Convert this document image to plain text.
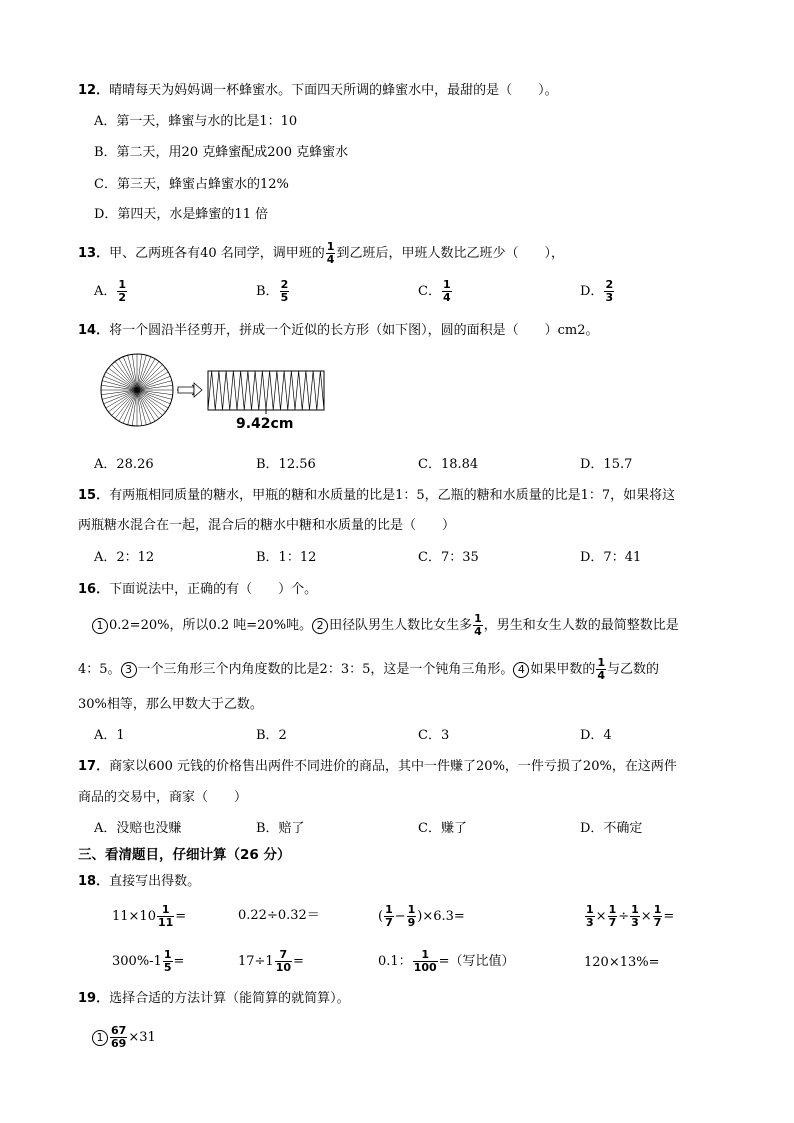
12．晴晴每天为妈妈调一杯蜂蜜水。下面四天所调的蜂蜜水中，最甜的是（　　）。
A．第一天，蜂蜜与水的比是1：10
B．第二天，用20 克蜂蜜配成200 克蜂蜜水
C．第三天，蜂蜜占蜂蜜水的12%
D．第四天，水是蜂蜜的11 倍
13．甲、乙两班各有40 名同学，调甲班的 $\frac{1}{4}$ 到乙班后，甲班人数比乙班少（　　），
A． $\frac{1}{2}$	B． $\frac{2}{5}$	C． $\frac{1}{4}$	D． $\frac{2}{3}$
14．将一个圆沿半径剪开，拼成一个近似的长方形（如下图），圆的面积是（　　）cm2。
9.42cm
A．28.26	B．12.56	C．18.84	D．15.7
15．有两瓶相同质量的糖水，甲瓶的糖和水质量的比是1：5，乙瓶的糖和水质量的比是1：7，如果将这
两瓶糖水混合在一起，混合后的糖水中糖和水质量的比是（　　）
A．2：12	B．1：12	C．7：35	D．7：41
16．下面说法中，正确的有（　　）个。
1 0.2=20%，所以0.2 吨=20%吨。 2 田径队男生人数比女生多 $\frac{1}{4}$ ，男生和女生人数的最简整数比是
4：5。 3 一个三角形三个内角度数的比是2：3：5，这是一个钝角三角形。 4 如果甲数的 $\frac{1}{4}$ 与乙数的
30%相等，那么甲数大于乙数。
A．1	B．2	C．3	D．4
17．商家以600 元钱的价格售出两件不同进价的商品，其中一件赚了20%，一件亏损了20%，在这两件
商品的交易中，商家（　　）
A．没赔也没赚	B．赔了	C．赚了	D．不确定
三、看清题目，仔细计算（26 分）
18．直接写出得数。
$11\times 10 \frac{1}{11}$ =	0.22÷0.32＝	( $\frac{1}{7} - \frac{1}{9} )\times 6.3=$	$\frac{1}{3} \times \frac{1}{7} \div \frac{1}{3} \times \frac{1}{7}$ =
$300\%-1 \frac{1}{5}$ =	$17\div 1 \frac{7}{10}$ =	0.1： $\frac{1}{100}$ =（写比值）	120×13%=
19．选择合适的方法计算（能简算的就简算）。
$1 \frac{67}{69} \times 31$
